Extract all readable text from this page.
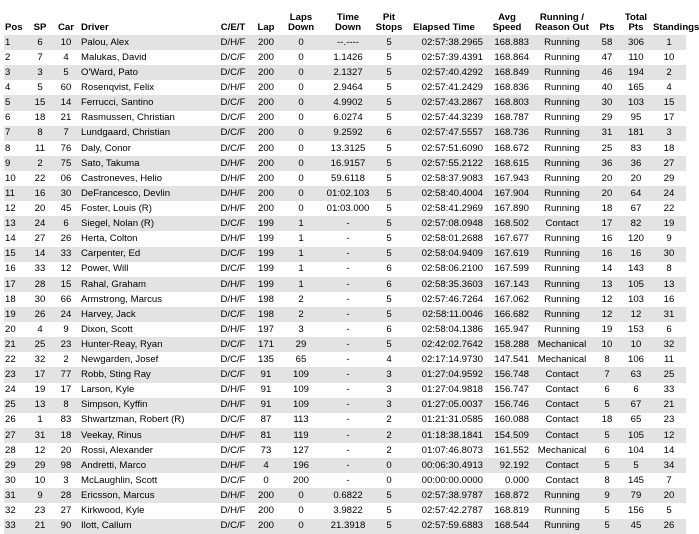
Pos	SP	Car	Driver	C/E/T	Lap	Laps Down	Time Down	Pit Stops	Elapsed Time	Avg Speed	Running / Reason Out	Pts	Total Pts	Standings
1	6	10	Palou, Alex	D/H/F	200	0	--.----	5	02:57:38.2965	168.883	Running	58	306	1
2	7	4	Malukas, David	D/C/F	200	0	1.1426	5	02:57:39.4391	168.864	Running	47	110	10
3	3	5	O'Ward, Pato	D/C/F	200	0	2.1327	5	02:57:40.4292	168.849	Running	46	194	2
4	5	60	Rosenqvist, Felix	D/H/F	200	0	2.9464	5	02:57:41.2429	168.836	Running	40	165	4
5	15	14	Ferrucci, Santino	D/C/F	200	0	4.9902	5	02:57:43.2867	168.803	Running	30	103	15
6	18	21	Rasmussen, Christian	D/C/F	200	0	6.0274	5	02:57:44.3239	168.787	Running	29	95	17
7	8	7	Lundgaard, Christian	D/C/F	200	0	9.2592	6	02:57:47.5557	168.736	Running	31	181	3
8	11	76	Daly, Conor	D/C/F	200	0	13.3125	5	02:57:51.6090	168.672	Running	25	83	18
9	2	75	Sato, Takuma	D/H/F	200	0	16.9157	5	02:57:55.2122	168.615	Running	36	36	27
10	22	06	Castroneves, Helio	D/H/F	200	0	59.6118	5	02:58:37.9083	167.943	Running	20	20	29
11	16	30	DeFrancesco, Devlin	D/H/F	200	0	01:02.103	5	02:58:40.4004	167.904	Running	20	64	24
12	20	45	Foster, Louis (R)	D/H/F	200	0	01:03.000	5	02:58:41.2969	167.890	Running	18	67	22
13	24	6	Siegel, Nolan (R)	D/C/F	199	1	-	5	02:57:08.0948	168.502	Contact	17	82	19
14	27	26	Herta, Colton	D/H/F	199	1	-	5	02:58:01.2688	167.677	Running	16	120	9
15	14	33	Carpenter, Ed	D/C/F	199	1	-	5	02:58:04.9409	167.619	Running	16	16	30
16	33	12	Power, Will	D/C/F	199	1	-	6	02:58:06.2100	167.599	Running	14	143	8
17	28	15	Rahal, Graham	D/H/F	199	1	-	6	02:58:35.3603	167.143	Running	13	105	13
18	30	66	Armstrong, Marcus	D/H/F	198	2	-	5	02:57:46.7264	167.062	Running	12	103	16
19	26	24	Harvey, Jack	D/C/F	198	2	-	5	02:58:11.0046	166.682	Running	12	12	31
20	4	9	Dixon, Scott	D/H/F	197	3	-	6	02:58:04.1386	165.947	Running	19	153	6
21	25	23	Hunter-Reay, Ryan	D/C/F	171	29	-	5	02:42:02.7642	158.288	Mechanical	10	10	32
22	32	2	Newgarden, Josef	D/C/F	135	65	-	4	02:17:14.9730	147.541	Mechanical	8	106	11
23	17	77	Robb, Sting Ray	D/C/F	91	109	-	3	01:27:04.9592	156.748	Contact	7	63	25
24	19	17	Larson, Kyle	D/H/F	91	109	-	3	01:27:04.9818	156.747	Contact	6	6	33
25	13	8	Simpson, Kyffin	D/H/F	91	109	-	3	01:27:05.0037	156.746	Contact	5	67	21
26	1	83	Shwartzman, Robert (R)	D/C/F	87	113	-	2	01:21:31.0585	160.088	Contact	18	65	23
27	31	18	Veekay, Rinus	D/H/F	81	119	-	2	01:18:38.1841	154.509	Contact	5	105	12
28	12	20	Rossi, Alexander	D/C/F	73	127	-	2	01:07:46.8073	161.552	Mechanical	6	104	14
29	29	98	Andretti, Marco	D/H/F	4	196	-	0	00:06:30.4913	92.192	Contact	5	5	34
30	10	3	McLaughlin, Scott	D/C/F	0	200	-	0	00:00:00.0000	0.000	Contact	8	145	7
31	9	28	Ericsson, Marcus	D/H/F	200	0	0.6822	5	02:57:38.9787	168.872	Running	9	79	20
32	23	27	Kirkwood, Kyle	D/H/F	200	0	3.9822	5	02:57:42.2787	168.819	Running	5	156	5
33	21	90	Ilott, Callum	D/C/F	200	0	21.3918	5	02:57:59.6883	168.544	Running	5	45	26
